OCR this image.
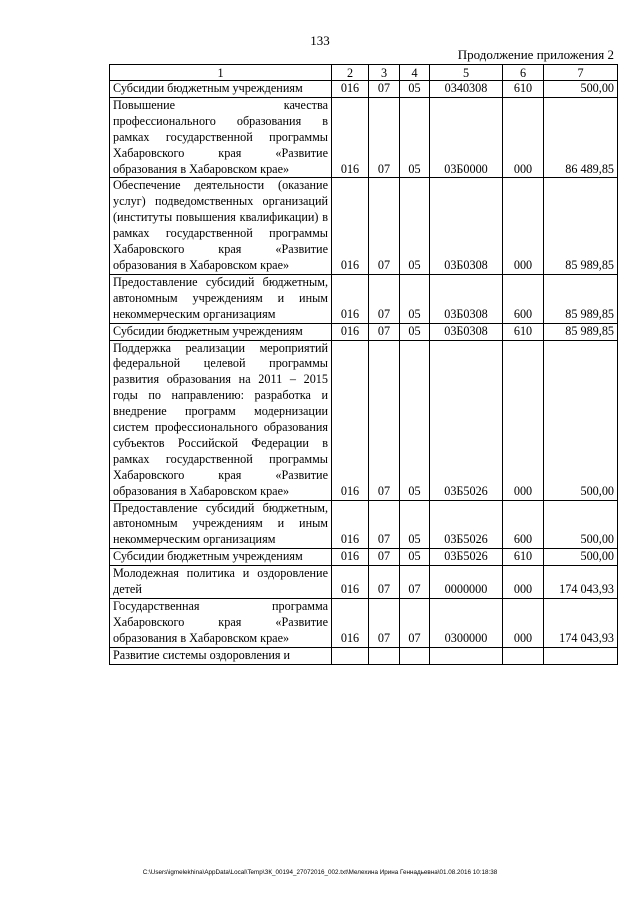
133
Продолжение приложения 2
1	2	3	4	5	6	7
Субсидии бюджетным учреждениям	016	07	05	0340308	610	500,00
Повышение качества профессионального образования в рамках государственной программы Хабаровского края «Развитие образования в Хабаровском крае»	016	07	05	03Б0000	000	86 489,85
Обеспечение деятельности (оказание услуг) подведомственных организаций (институты повышения квалификации) в рамках государственной программы Хабаровского края «Развитие образования в Хабаровском крае»	016	07	05	03Б0308	000	85 989,85
Предоставление субсидий бюджетным, автономным учреждениям и иным некоммерческим организациям	016	07	05	03Б0308	600	85 989,85
Субсидии бюджетным учреждениям	016	07	05	03Б0308	610	85 989,85
Поддержка реализации мероприятий федеральной целевой программы развития образования на 2011 – 2015 годы по направлению: разработка и внедрение программ модернизации систем профессионального образования субъектов Российской Федерации в рамках государственной программы Хабаровского края «Развитие образования в Хабаровском крае»	016	07	05	03Б5026	000	500,00
Предоставление субсидий бюджетным, автономным учреждениям и иным некоммерческим организациям	016	07	05	03Б5026	600	500,00
Субсидии бюджетным учреждениям	016	07	05	03Б5026	610	500,00
Молодежная политика и оздоровление детей	016	07	07	0000000	000	174 043,93
Государственная программа Хабаровского края «Развитие образования в Хабаровском крае»	016	07	07	0300000	000	174 043,93
Развитие системы оздоровления и						
C:\Users\igmelekhina\AppData\Local\Temp\ЗК_00194_27072016_002.txt\Мелехина Ирина Геннадьевна\01.08.2016 10:18:38
